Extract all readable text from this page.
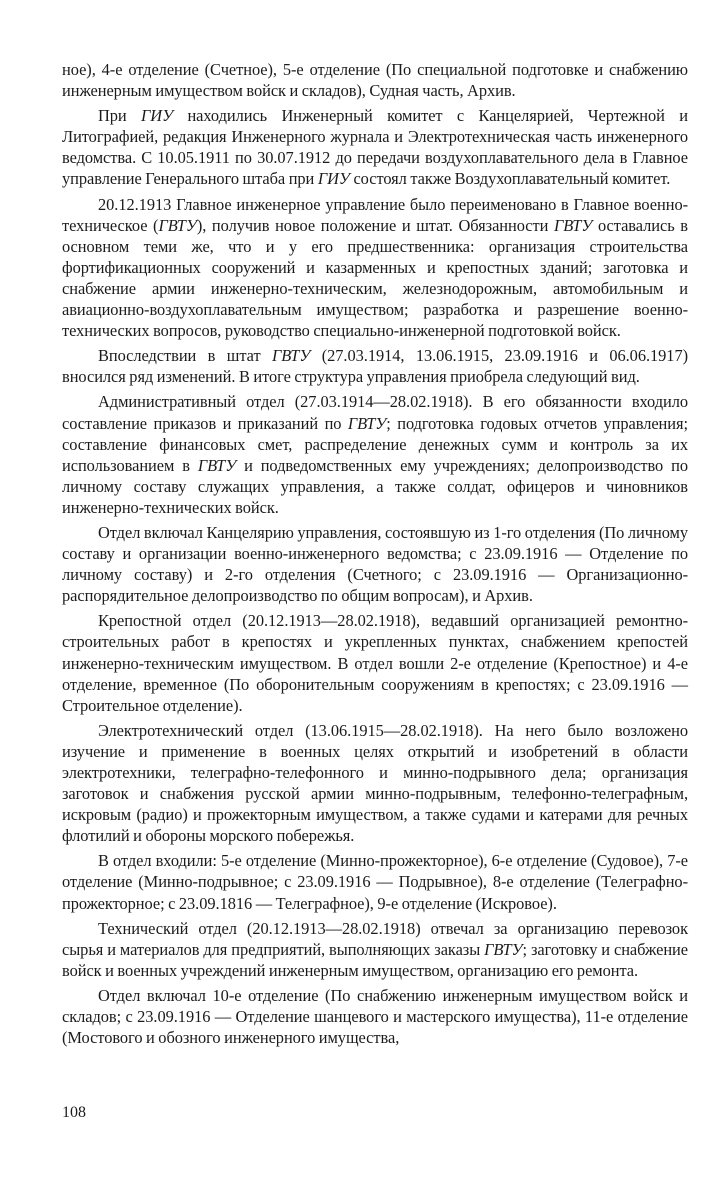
ное), 4-е отделение (Счетное), 5-е отделение (По специальной подготовке и снабжению инженерным имуществом войск и складов), Судная часть, Архив.

При ГИУ находились Инженерный комитет с Канцелярией, Чертежной и Литографией, редакция Инженерного журнала и Электротехническая часть инженерного ведомства. С 10.05.1911 по 30.07.1912 до передачи воздухоплавательного дела в Главное управление Генерального штаба при ГИУ состоял также Воздухоплавательный комитет.

20.12.1913 Главное инженерное управление было переименовано в Главное военно-техническое (ГВТУ), получив новое положение и штат. Обязанности ГВТУ оставались в основном теми же, что и у его предшественника: организация строительства фортификационных сооружений и казарменных и крепостных зданий; заготовка и снабжение армии инженерно-техническим, железнодорожным, автомобильным и авиационно-воздухоплавательным имуществом; разработка и разрешение военно-технических вопросов, руководство специально-инженерной подготовкой войск.

Впоследствии в штат ГВТУ (27.03.1914, 13.06.1915, 23.09.1916 и 06.06.1917) вносился ряд изменений. В итоге структура управления приобрела следующий вид.

Административный отдел (27.03.1914—28.02.1918). В его обязанности входило составление приказов и приказаний по ГВТУ; подготовка годовых отчетов управления; составление финансовых смет, распределение денежных сумм и контроль за их использованием в ГВТУ и подведомственных ему учреждениях; делопроизводство по личному составу служащих управления, а также солдат, офицеров и чиновников инженерно-технических войск.

Отдел включал Канцелярию управления, состоявшую из 1-го отделения (По личному составу и организации военно-инженерного ведомства; с 23.09.1916 — Отделение по личному составу) и 2-го отделения (Счетного; с 23.09.1916 — Организационно-распорядительное делопроизводство по общим вопросам), и Архив.

Крепостной отдел (20.12.1913—28.02.1918), ведавший организацией ремонтно-строительных работ в крепостях и укрепленных пунктах, снабжением крепостей инженерно-техническим имуществом. В отдел вошли 2-е отделение (Крепостное) и 4-е отделение, временное (По оборонительным сооружениям в крепостях; с 23.09.1916 — Строительное отделение).

Электротехнический отдел (13.06.1915—28.02.1918). На него было возложено изучение и применение в военных целях открытий и изобретений в области электротехники, телеграфно-телефонного и минно-подрывного дела; организация заготовок и снабжения русской армии минно-подрывным, телефонно-телеграфным, искровым (радио) и прожекторным имуществом, а также судами и катерами для речных флотилий и обороны морского побережья.

В отдел входили: 5-е отделение (Минно-прожекторное), 6-е отделение (Судовое), 7-е отделение (Минно-подрывное; с 23.09.1916 — Подрывное), 8-е отделение (Телеграфно-прожекторное; с 23.09.1816 — Телеграфное), 9-е отделение (Искровое).

Технический отдел (20.12.1913—28.02.1918) отвечал за организацию перевозок сырья и материалов для предприятий, выполняющих заказы ГВТУ; заготовку и снабжение войск и военных учреждений инженерным имуществом, организацию его ремонта.

Отдел включал 10-е отделение (По снабжению инженерным имуществом войск и складов; с 23.09.1916 — Отделение шанцевого и мастерского имущества), 11-е отделение (Мостового и обозного инженерного имущества,

108
